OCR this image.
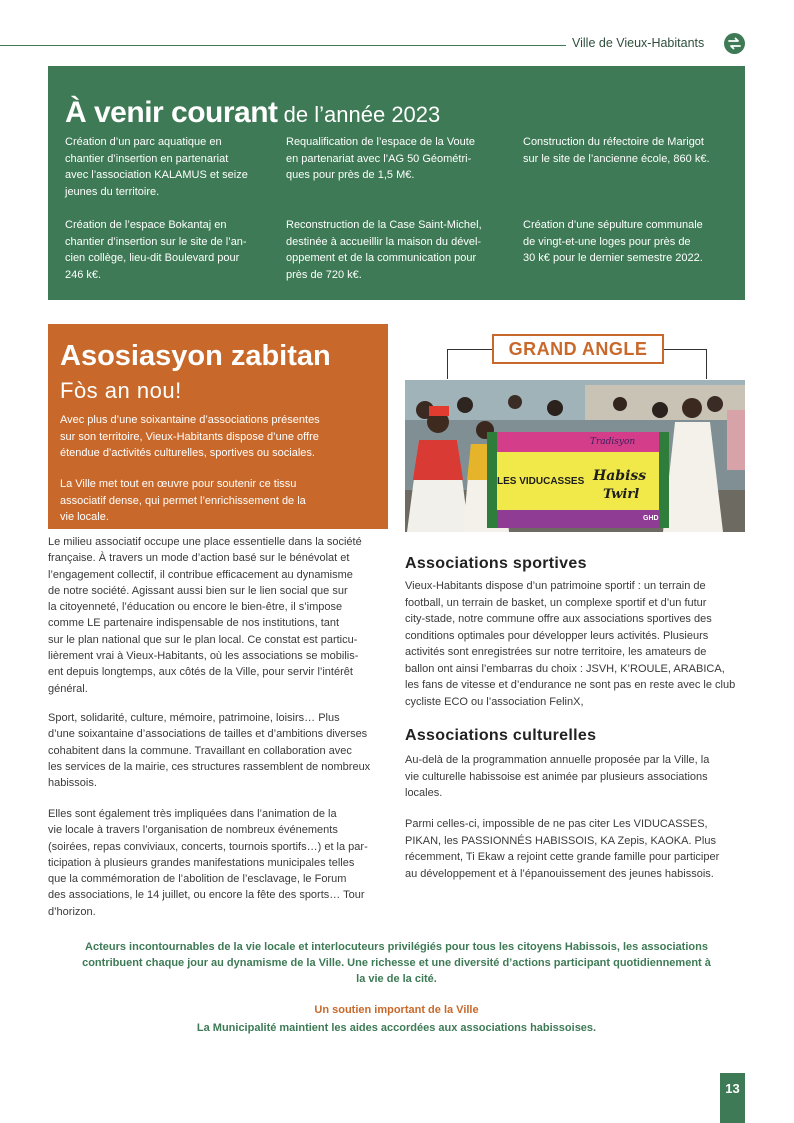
Ville de Vieux-Habitants
À venir courant de l’année 2023
Création d’un parc aquatique en
chantier d’insertion en partenariat
avec l’association KALAMUS et seize
jeunes du territoire.
Requalification de l’espace de la Voute
en partenariat avec l’AG 50 Géométri-
ques pour près de 1,5 M€.
Construction du réfectoire de Marigot
sur le site de l’ancienne école, 860 k€.
Création de l’espace Bokantaj en
chantier d’insertion sur le site de l’an-
cien collège, lieu-dit Boulevard pour
246 k€.
Reconstruction de la Case Saint-Michel,
destinée à accueillir la maison du dével-
oppement et de la communication pour
près de 720 k€.
Création d’une sépulture communale
de vingt-et-une loges pour près de
30 k€ pour le dernier semestre 2022.
Asosiasyon zabitan
Fòs an nou!
Avec plus d’une soixantaine d’associations présentes
sur son territoire, Vieux-Habitants dispose d’une offre
étendue d’activités culturelles, sportives ou sociales.
La Ville met tout en œuvre pour soutenir ce tissu
associatif dense, qui permet l’enrichissement de la
vie locale.
Le milieu associatif occupe une place essentielle dans la société
française. À travers un mode d’action basé sur le bénévolat et
l’engagement collectif, il contribue efficacement au dynamisme
de notre société. Agissant aussi bien sur le lien social que sur
la citoyenneté, l’éducation ou encore le bien-être, il s’impose
comme LE partenaire indispensable de nos institutions, tant
sur le plan national que sur le plan local. Ce constat est particu-
lièrement vrai à Vieux-Habitants, où les associations se mobilis-
ent depuis longtemps, aux côtés de la Ville, pour servir l’intérêt
général.
Sport, solidarité, culture, mémoire, patrimoine, loisirs… Plus
d’une soixantaine d’associations de tailles et d’ambitions diverses
cohabitent dans la commune. Travaillant en collaboration avec
les services de la mairie, ces structures rassemblent de nombreux
habissois.
Elles sont également très impliquées dans l’animation de la
vie locale à travers l’organisation de nombreux événements
(soirées, repas conviviaux, concerts, tournois sportifs…) et la par-
ticipation à plusieurs grandes manifestations municipales telles
que la commémoration de l’abolition de l’esclavage, le Forum
des associations, le 14 juillet, ou encore la fête des sports… Tour
d’horizon.
GRAND ANGLE
Tradisyon
LES VIDUCASSES Habiss
Twirl
GHD
Associations sportives
Vieux-Habitants dispose d’un patrimoine sportif : un terrain de
football, un terrain de basket, un complexe sportif et d’un futur
city-stade, notre commune offre aux associations sportives des
conditions optimales pour développer leurs activités. Plusieurs
activités sont enregistrées sur notre territoire, les amateurs de
ballon ont ainsi l’embarras du choix : JSVH, K’ROULE, ARABICA,
les fans de vitesse et d’endurance ne sont pas en reste avec le club
cycliste ECO ou l’association FelinX,
Associations culturelles
Au-delà de la programmation annuelle proposée par la Ville, la
vie culturelle habissoise est animée par plusieurs associations
locales.
Parmi celles-ci, impossible de ne pas citer Les VIDUCASSES,
PIKAN, les PASSIONNÉS HABISSOIS, KA Zepis, KAOKA. Plus
récemment, Ti Ekaw a rejoint cette grande famille pour participer
au développement et à l’épanouissement des jeunes habissois.
Acteurs incontournables de la vie locale et interlocuteurs privilégiés pour tous les citoyens Habissois, les associations
contribuent chaque jour au dynamisme de la Ville. Une richesse et une diversité d’actions participant quotidiennement à
la vie de la cité.
Un soutien important de la Ville
La Municipalité maintient les aides accordées aux associations habissoises.
13
